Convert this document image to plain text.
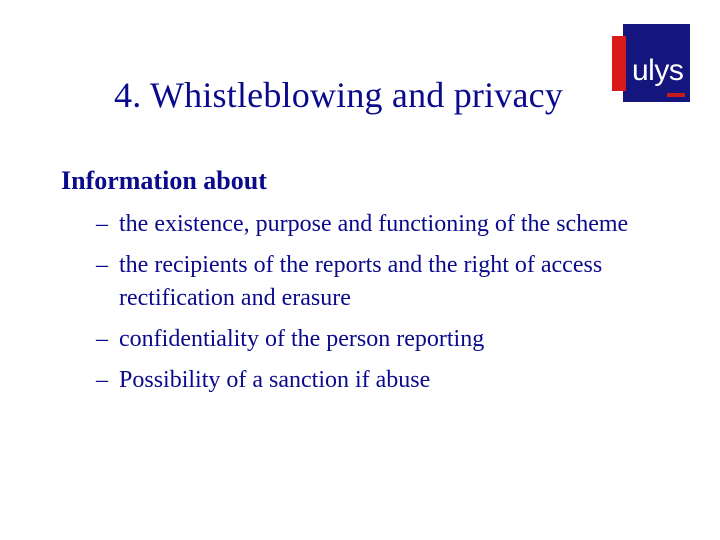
4. Whistleblowing and privacy
ulys
Information about
– the existence, purpose and functioning of the scheme
– the recipients of the reports and the right of access rectification and erasure
– confidentiality of the person reporting
– Possibility of a sanction if abuse
